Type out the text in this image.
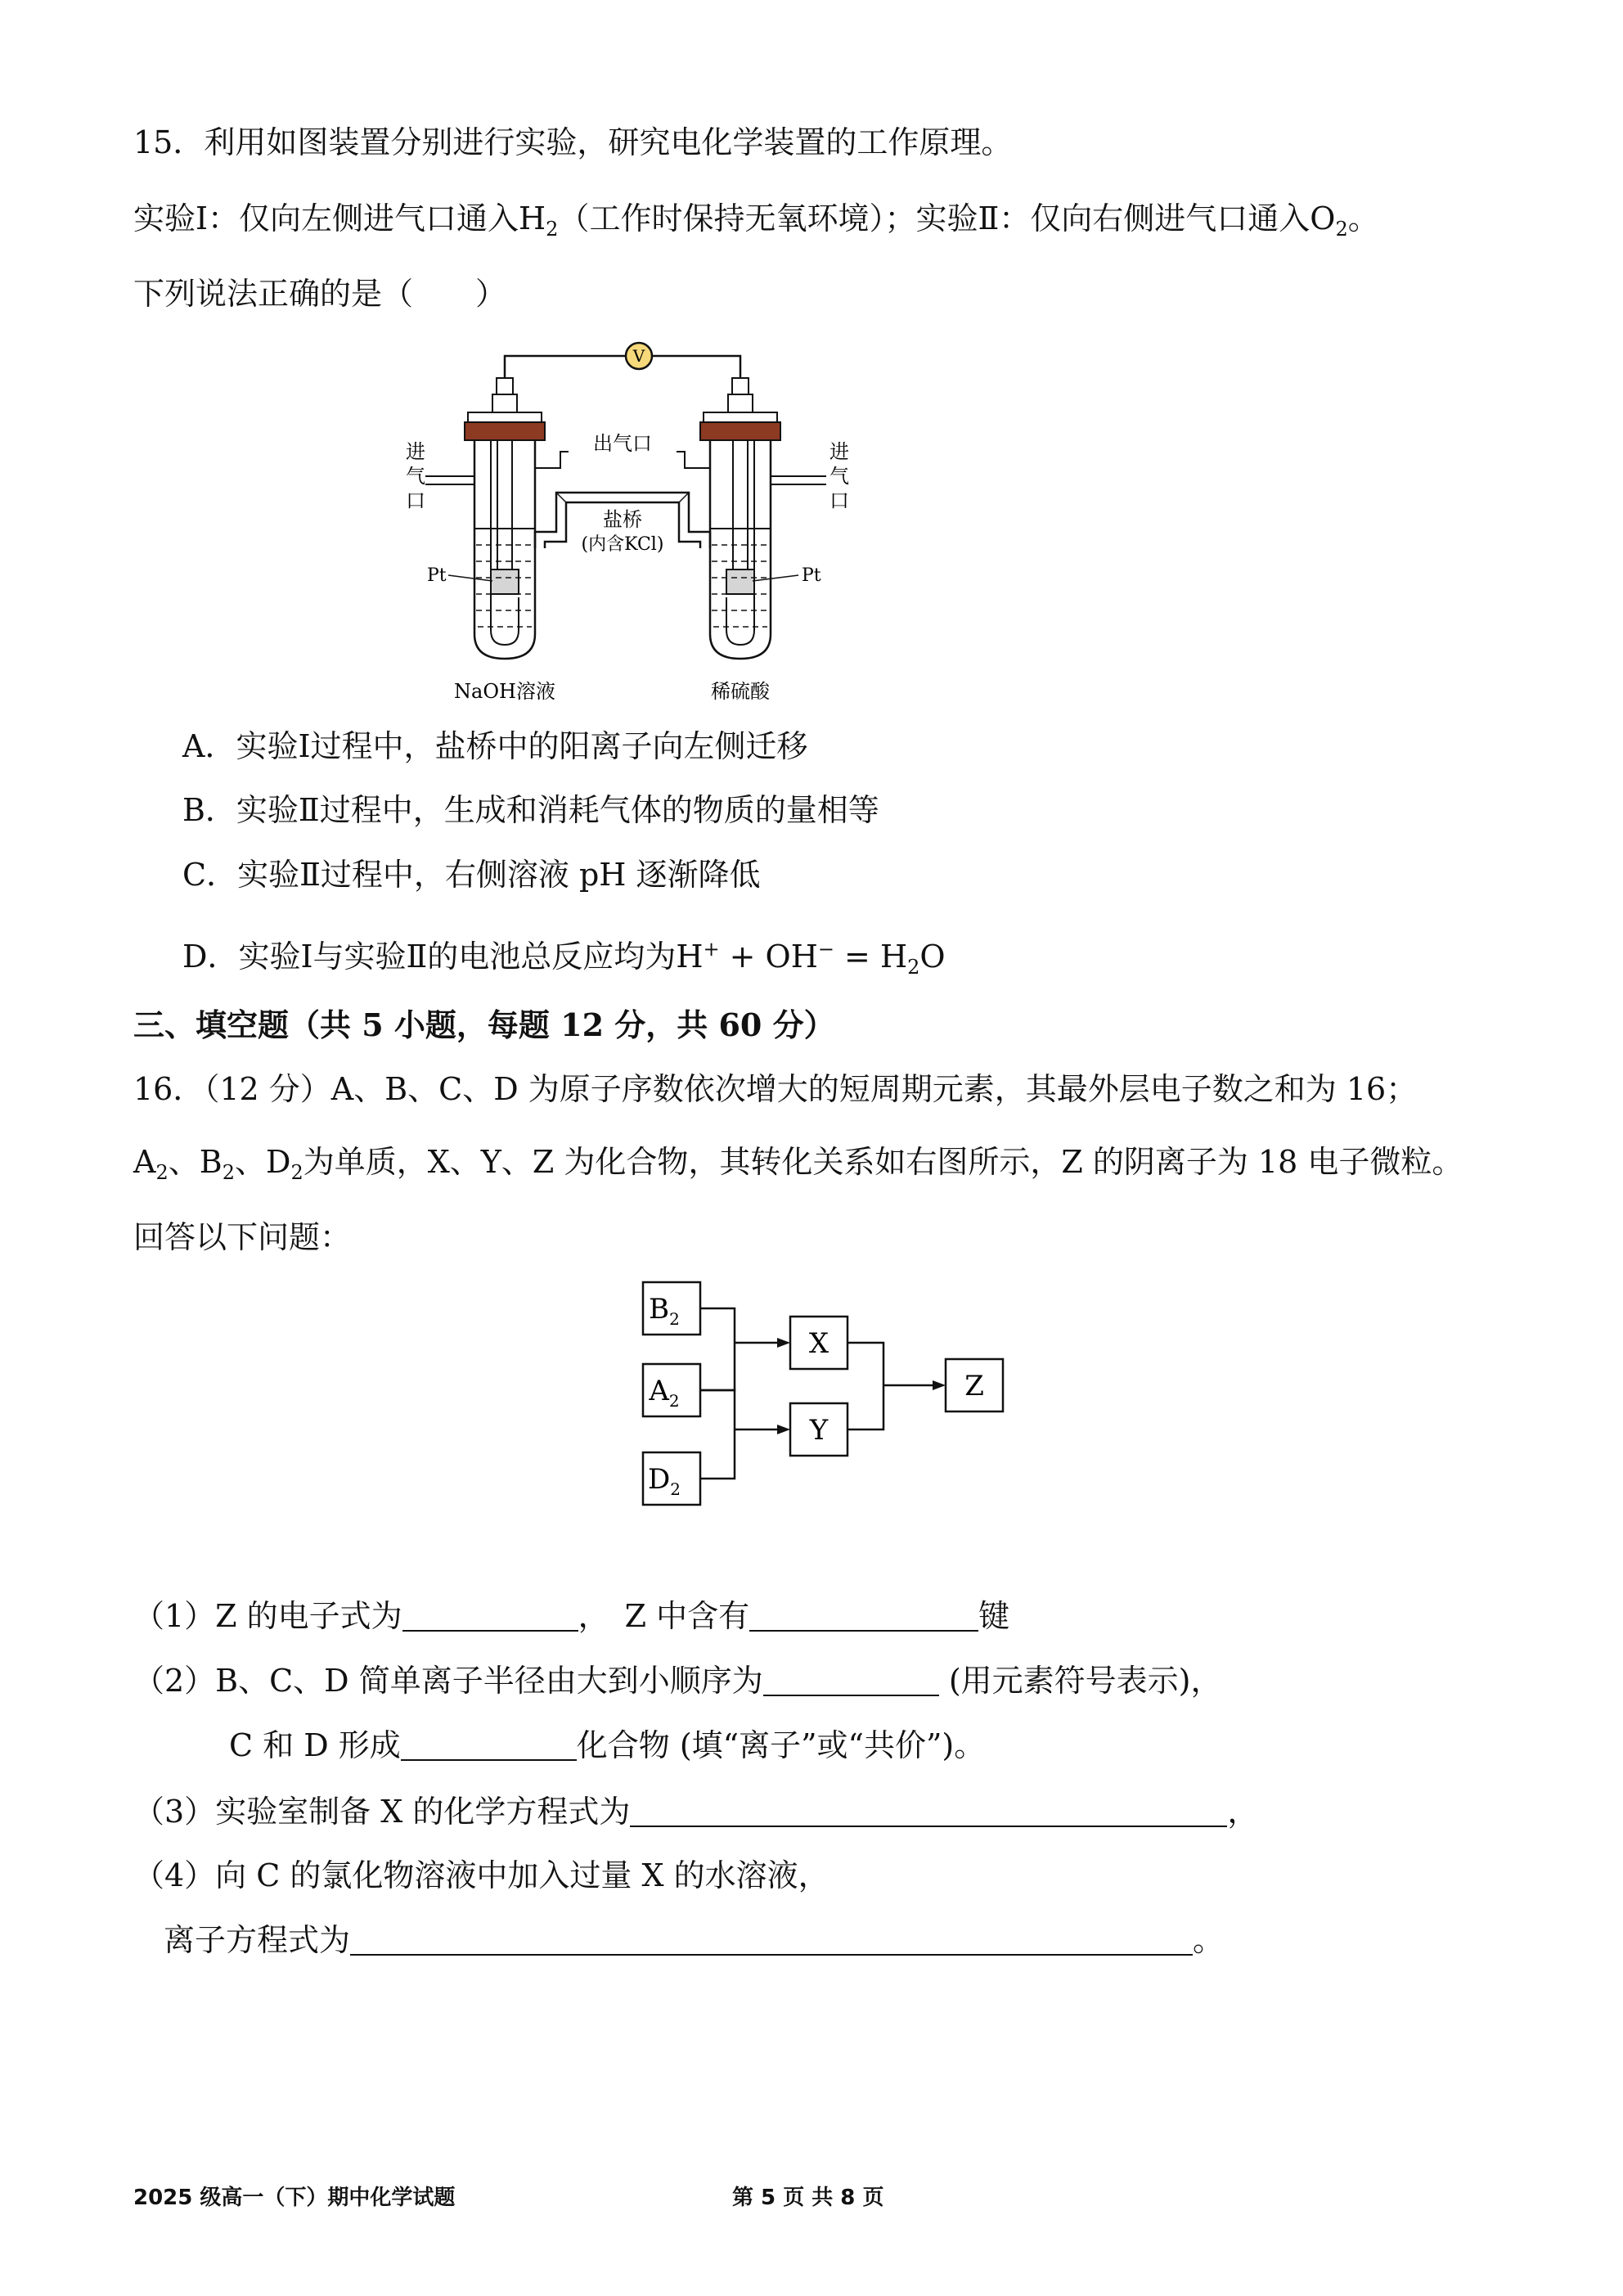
15．利用如图装置分别进行实验，研究电化学装置的工作原理。
实验Ⅰ：仅向左侧进气口通入$H_2$（工作时保持无氧环境）；实验Ⅱ：仅向右侧进气口通入$O_2$。
下列说法正确的是（　　）
V
出气口
盐桥
(内含KCl)
进
气
口
进
气
口
Pt	Pt
NaOH溶液	稀硫酸
A．实验Ⅰ过程中，盐桥中的阳离子向左侧迁移
B．实验Ⅱ过程中，生成和消耗气体的物质的量相等
C．实验Ⅱ过程中，右侧溶液 pH 逐渐降低
D．实验Ⅰ与实验Ⅱ的电池总反应均为$H^+ + OH^- = H_2O$
三、填空题（共 5 小题，每题 12 分，共 60 分）
16．（12 分）A、B、C、D 为原子序数依次增大的短周期元素，其最外层电子数之和为 16；
$A_2$、$B_2$、$D_2$为单质，X、Y、Z 为化合物，其转化关系如右图所示，Z 的阴离子为 18 电子微粒。
回答以下问题：
$B_2$
$A_2$
$D_2$
X
Y
Z
（1）Z 的电子式为	，　Z 中含有	键
（2）B、C、D 简单离子半径由大到小顺序为	(用元素符号表示)，
C 和 D 形成	化合物 (填“离子”或“共价”)。
（3）实验室制备 X 的化学方程式为	，
（4）向 C 的氯化物溶液中加入过量 X 的水溶液，
离子方程式为	。
2025 级高一（下）期中化学试题	第 5 页 共 8 页
